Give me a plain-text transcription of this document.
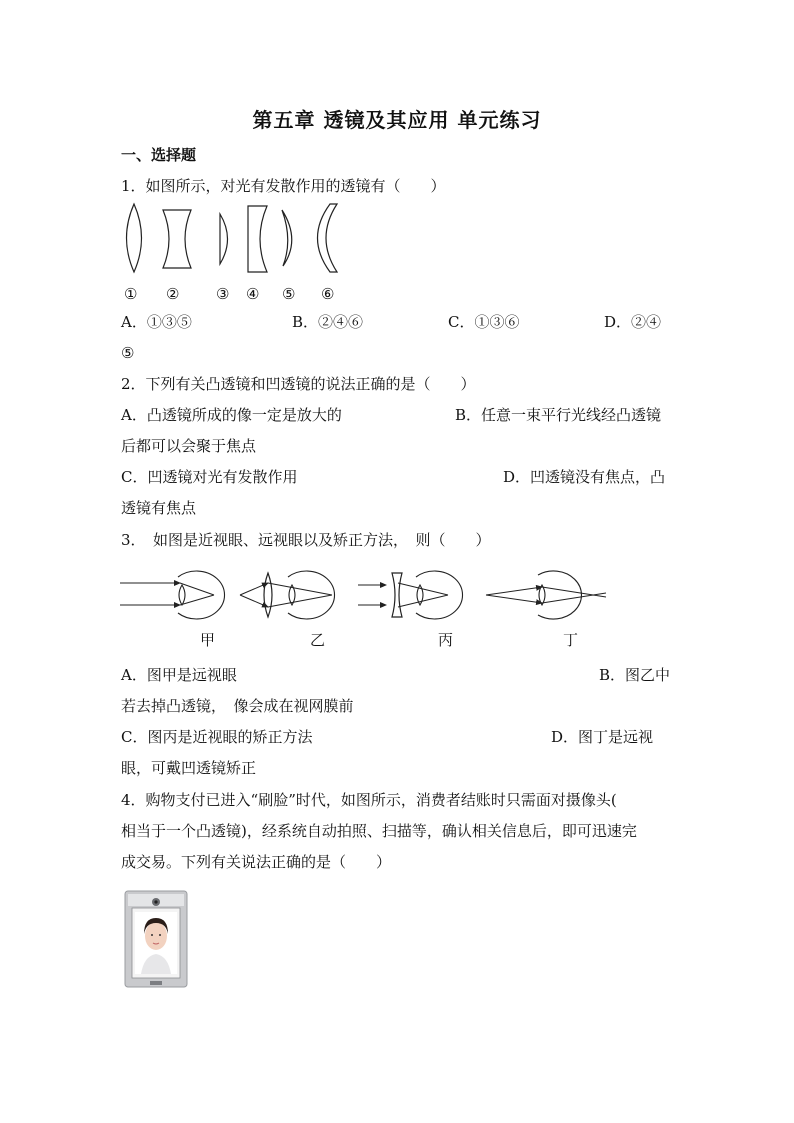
第五章 透镜及其应用 单元练习
一、选择题
1．如图所示，对光有发散作用的透镜有（　　）
① ② ③ ④ ⑤ ⑥
A．①③⑤	B．②④⑥	C．①③⑥	D．②④
⑤
2．下列有关凸透镜和凹透镜的说法正确的是（　　）
A．凸透镜所成的像一定是放大的	B．任意一束平行光线经凸透镜
后都可以会聚于焦点
C．凹透镜对光有发散作用	D．凹透镜没有焦点，凸
透镜有焦点
3．　如图是近视眼、远视眼以及矫正方法，　则（　　）
甲	乙	丙	丁
A．图甲是远视眼	B．图乙中
若去掉凸透镜，　像会成在视网膜前
C．图丙是近视眼的矫正方法	D．图丁是远视
眼，可戴凹透镜矫正
4．购物支付已进入“刷脸”时代，如图所示，消费者结账时只需面对摄像头(
相当于一个凸透镜)，经系统自动拍照、扫描等，确认相关信息后，即可迅速完
成交易。下列有关说法正确的是（　　）
